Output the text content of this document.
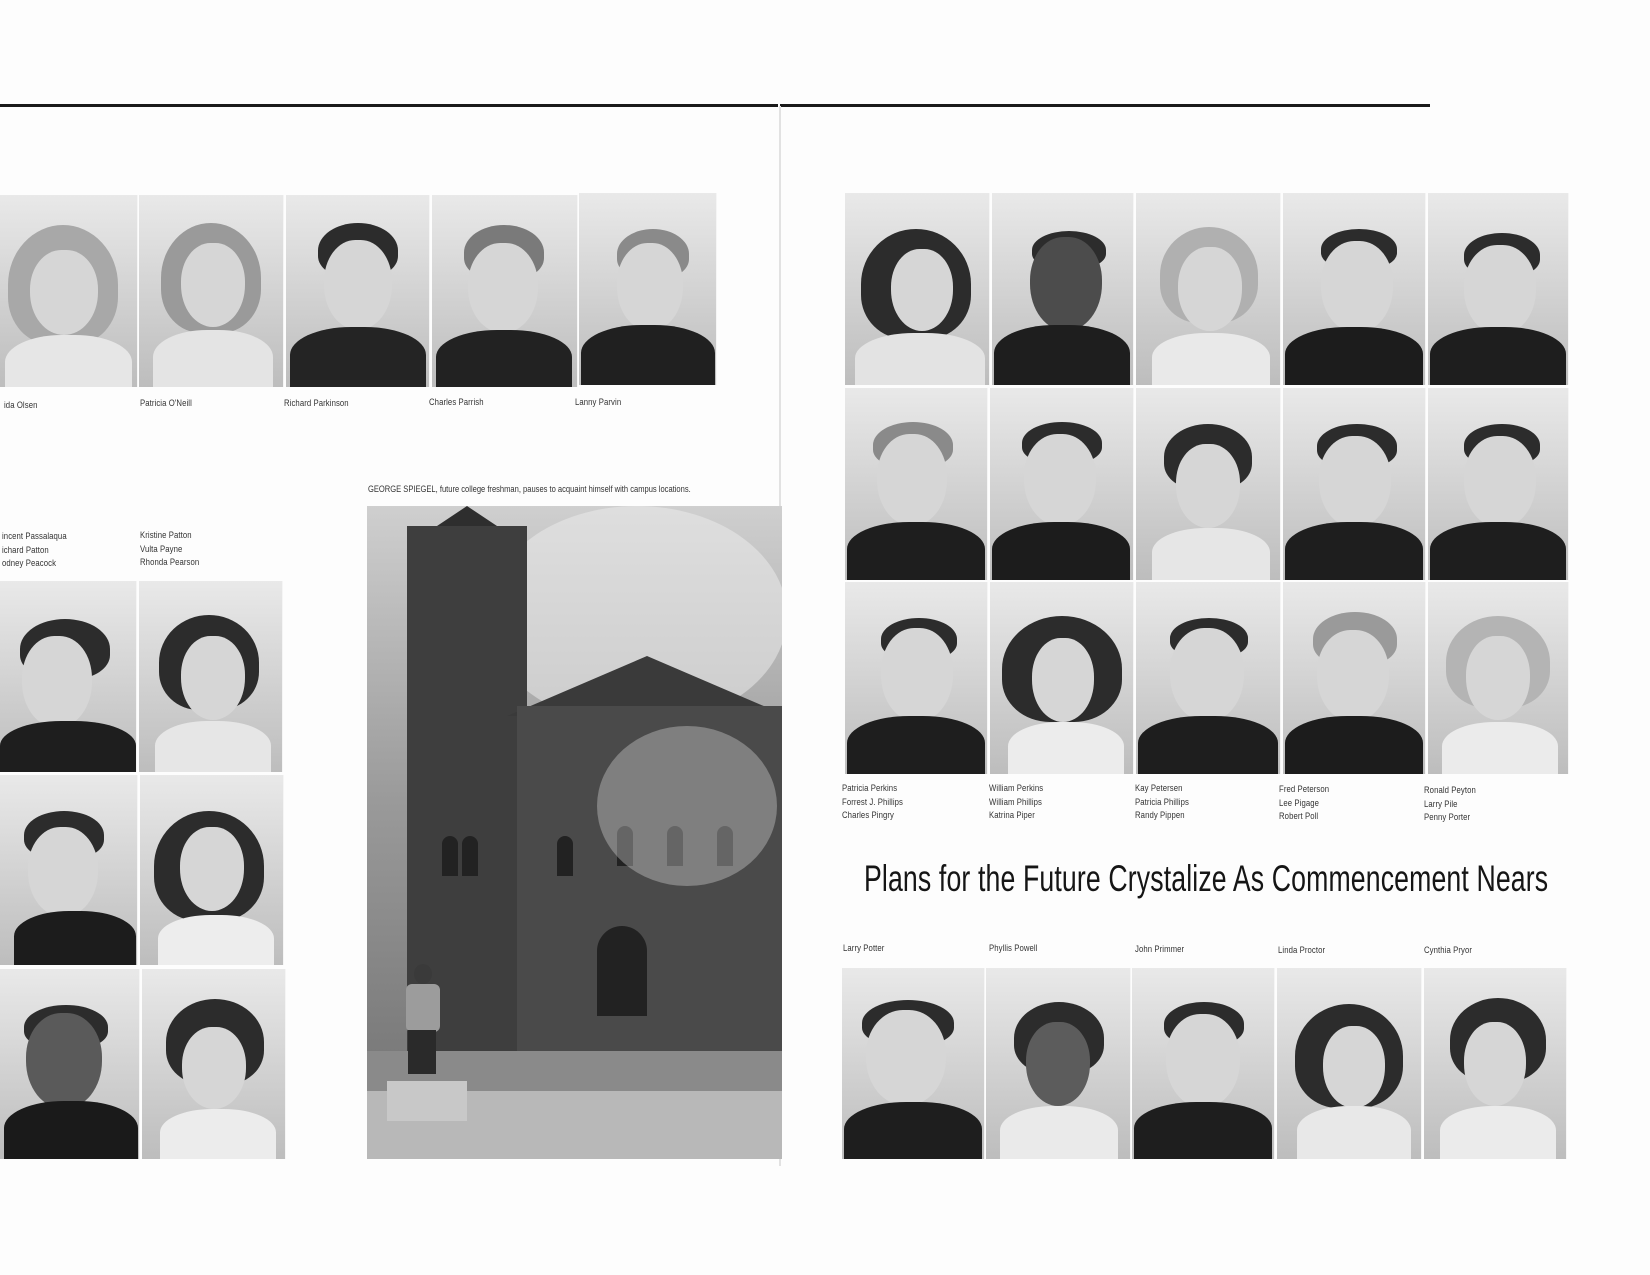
ida Olsen	Patricia O'Neill	Richard Parkinson	Charles Parrish	Lanny Parvin
incent Passalaqua
ichard Patton
odney Peacock
Kristine Patton
Vulta Payne
Rhonda Pearson
GEORGE SPIEGEL, future college freshman, pauses to acquaint himself with campus locations.
Patricia Perkins
Forrest J. Phillips
Charles Pingry
William Perkins
William Phillips
Katrina Piper
Kay Petersen
Patricia Phillips
Randy Pippen
Fred Peterson
Lee Pigage
Robert Poll
Ronald Peyton
Larry Pile
Penny Porter
Plans for the Future Crystalize As Commencement Nears
Larry Potter	Phyllis Powell	John Primmer	Linda Proctor	Cynthia Pryor
